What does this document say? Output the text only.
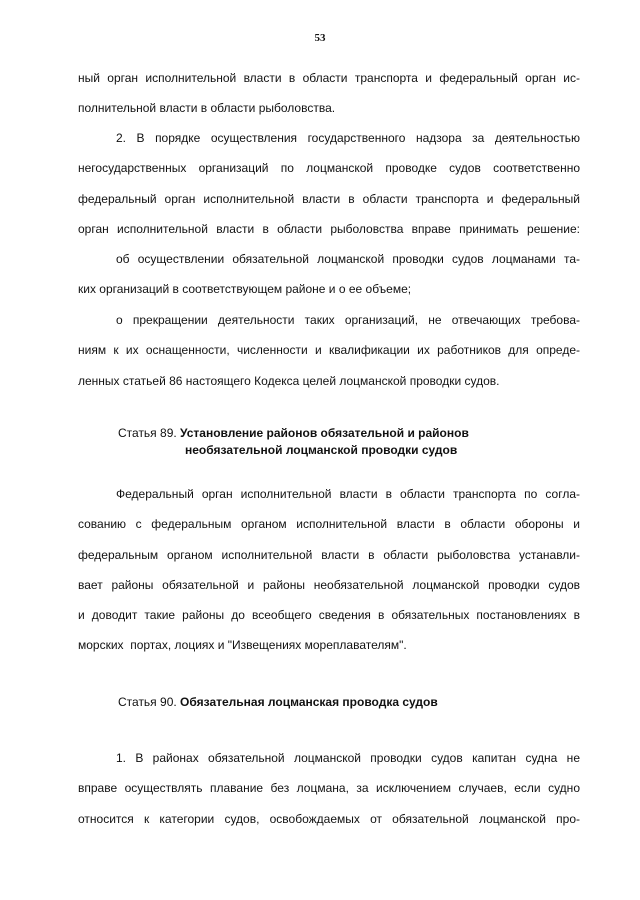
53
ный орган исполнительной власти в области транспорта и федеральный орган ис-
полнительной власти в области рыболовства.
2. В порядке осуществления государственного надзора за деятельностью
негосударственных организаций по лоцманской проводке судов соответственно
федеральный орган исполнительной власти в области транспорта и федеральный
орган исполнительной власти в области рыболовства вправе принимать решение:
об осуществлении обязательной лоцманской проводки судов лоцманами та-
ких организаций в соответствующем районе и о ее объеме;
о прекращении деятельности таких организаций, не отвечающих требова-
ниям к их оснащенности, численности и квалификации их работников для опреде-
ленных статьей 86 настоящего Кодекса целей лоцманской проводки судов.
Статья 89. Установление районов обязательной и районов
необязательной лоцманской проводки судов
Федеральный орган исполнительной власти в области транспорта по согла-
сованию с федеральным органом исполнительной власти в области обороны и
федеральным органом исполнительной власти в области рыболовства устанавли-
вает районы обязательной и районы необязательной лоцманской проводки судов
и доводит такие районы до всеобщего сведения в обязательных постановлениях в
морских  портах, лоциях и "Извещениях мореплавателям".
Статья 90. Обязательная лоцманская проводка судов
1. В районах обязательной лоцманской проводки судов капитан судна не
вправе осуществлять плавание без лоцмана, за исключением случаев, если судно
относится к категории судов, освобождаемых от обязательной лоцманской про-
